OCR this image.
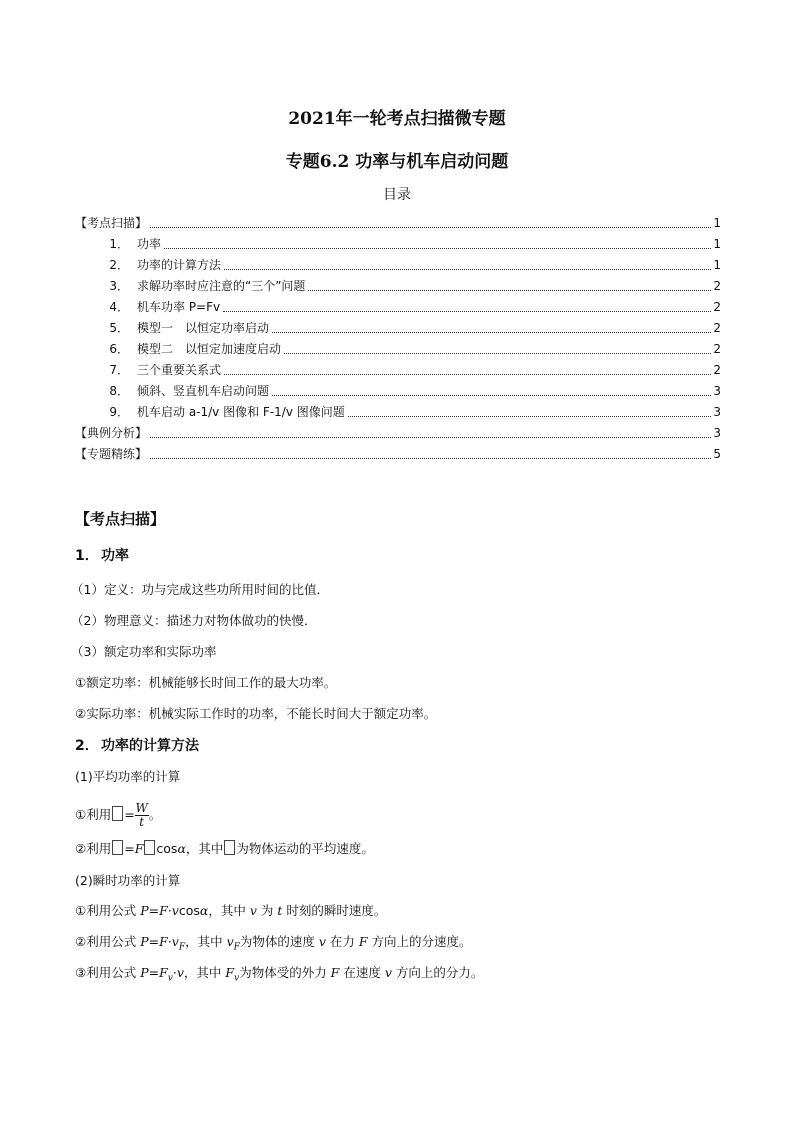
2021年一轮考点扫描微专题
专题6.2 功率与机车启动问题
目录
【考点扫描】	1
1． 功率	1
2． 功率的计算方法	1
3． 求解功率时应注意的“三个”问题	2
4． 机车功率 P=Fv	2
5． 模型一　以恒定功率启动	2
6． 模型二　以恒定加速度启动	2
7． 三个重要关系式	2
8． 倾斜、竖直机车启动问题	3
9． 机车启动 a-1/v 图像和 F-1/v 图像问题	3
【典例分析】	3
【专题精练】	5
【考点扫描】
1． 功率
（1）定义：功与完成这些功所用时间的比值．
（2）物理意义：描述力对物体做功的快慢．
（3）额定功率和实际功率
①额定功率：机械能够长时间工作的最大功率。
②实际功率：机械实际工作时的功率，不能长时间大于额定功率。
2． 功率的计算方法
(1)平均功率的计算
①利用 = $\frac{W}{t}$ 。
②利用 =F cosα，其中 为物体运动的平均速度。
(2)瞬时功率的计算
①利用公式 P=F·vcosα，其中 v 为 t 时刻的瞬时速度。
②利用公式 $P=F\cdot v_F$，其中 $v_F$为物体的速度 v 在力 F 方向上的分速度。
③利用公式 $P=F_v\cdot v$，其中 $F_v$为物体受的外力 F 在速度 v 方向上的分力。
